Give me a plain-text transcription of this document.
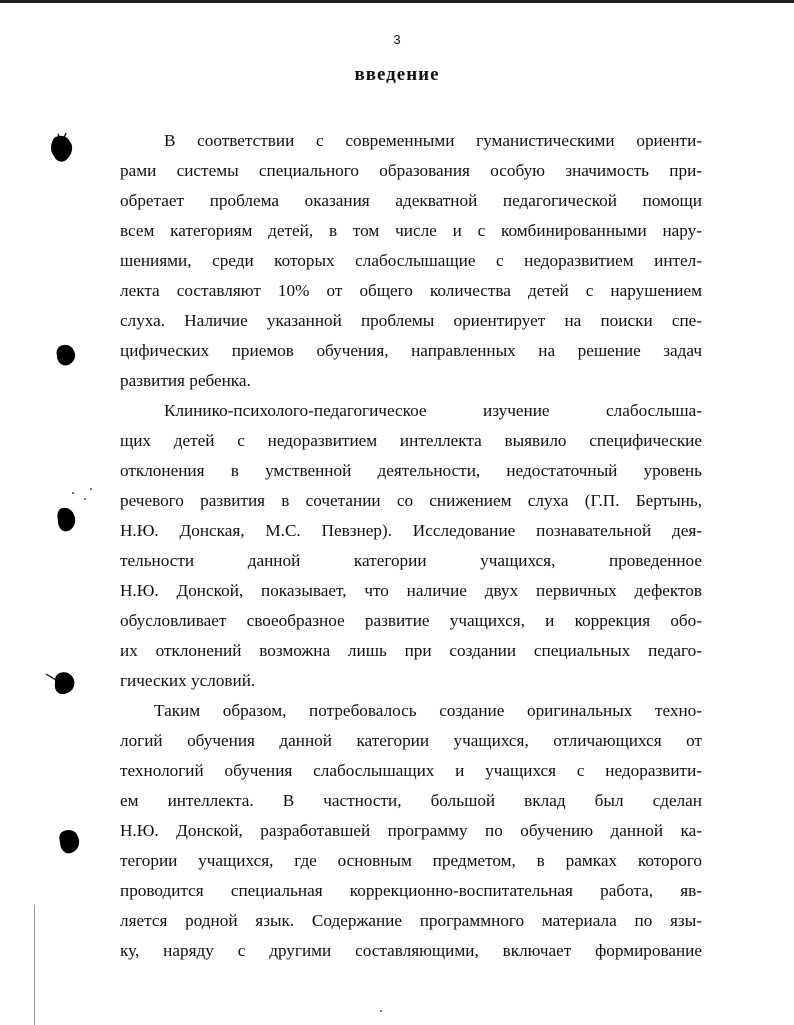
3
введение
В соответствии с современными гуманистическими ориенти-
рами системы специального образования особую значимость при-
обретает проблема оказания адекватной педагогической помощи
всем категориям детей, в том числе и с комбинированными нару-
шениями, среди которых слабослышащие с недоразвитием интел-
лекта составляют 10% от общего количества детей с нарушением
слуха. Наличие указанной проблемы ориентирует на поиски спе-
цифических приемов обучения, направленных на решение задач
развития ребенка.
Клинико-психолого-педагогическое изучение слабослыша-
щих детей с недоразвитием интеллекта выявило специфические
отклонения в умственной деятельности, недостаточный уровень
речевого развития в сочетании со снижением слуха (Г.П. Бертынь,
Н.Ю. Донская, М.С. Певзнер). Исследование познавательной дея-
тельности данной категории учащихся, проведенное
Н.Ю. Донской, показывает, что наличие двух первичных дефектов
обусловливает своеобразное развитие учащихся, и коррекция обо-
их отклонений возможна лишь при создании специальных педаго-
гических условий.
Таким образом, потребовалось создание оригинальных техно-
логий обучения данной категории учащихся, отличающихся от
технологий обучения слабослышащих и учащихся с недоразвити-
ем интеллекта. В частности, большой вклад был сделан
Н.Ю. Донской, разработавшей программу по обучению данной ка-
тегории учащихся, где основным предметом, в рамках которого
проводится специальная коррекционно-воспитательная работа, яв-
ляется родной язык. Содержание программного материала по язы-
ку, наряду с другими составляющими, включает формирование
